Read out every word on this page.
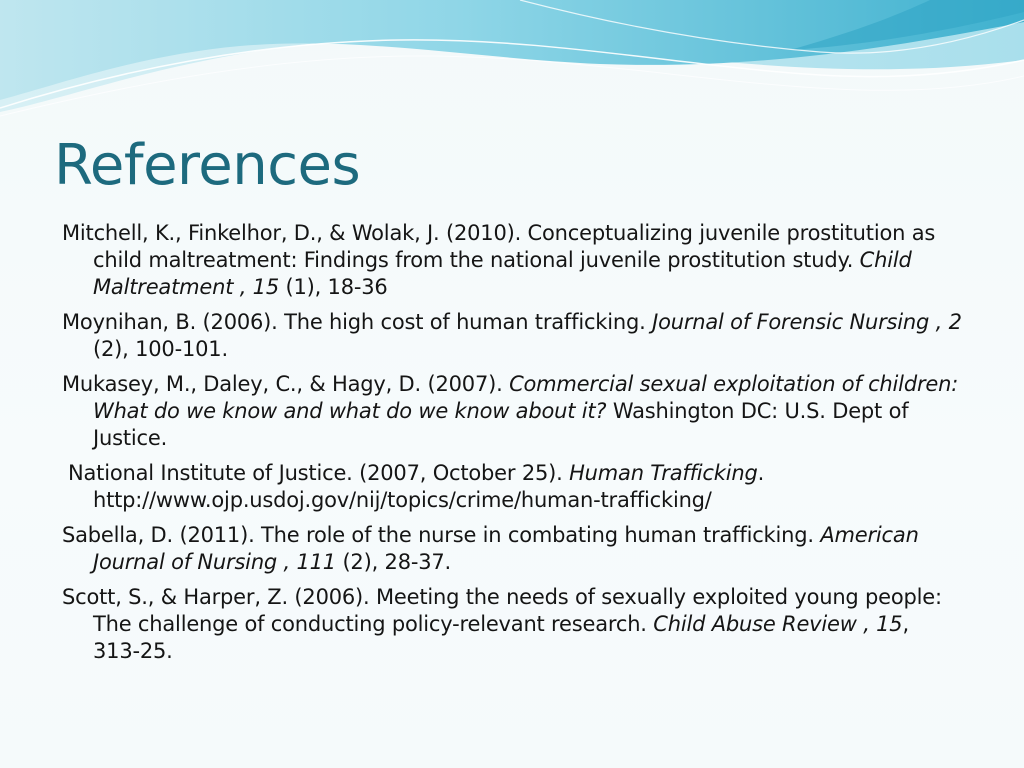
References
Mitchell, K., Finkelhor, D., & Wolak, J. (2010). Conceptualizing juvenile prostitution as child maltreatment: Findings from the national juvenile prostitution study. Child Maltreatment , 15 (1), 18-36
Moynihan, B. (2006). The high cost of human trafficking. Journal of Forensic Nursing , 2 (2), 100-101.
Mukasey, M., Daley, C., & Hagy, D. (2007). Commercial sexual exploitation of children: What do we know and what do we know about it? Washington DC: U.S. Dept of Justice.
National Institute of Justice. (2007, October 25). Human Trafficking. http://www.ojp.usdoj.gov/nij/topics/crime/human-trafficking/
Sabella, D. (2011). The role of the nurse in combating human trafficking. American Journal of Nursing , 111 (2), 28-37.
Scott, S., & Harper, Z. (2006). Meeting the needs of sexually exploited young people: The challenge of conducting policy-relevant research. Child Abuse Review , 15, 313-25.
